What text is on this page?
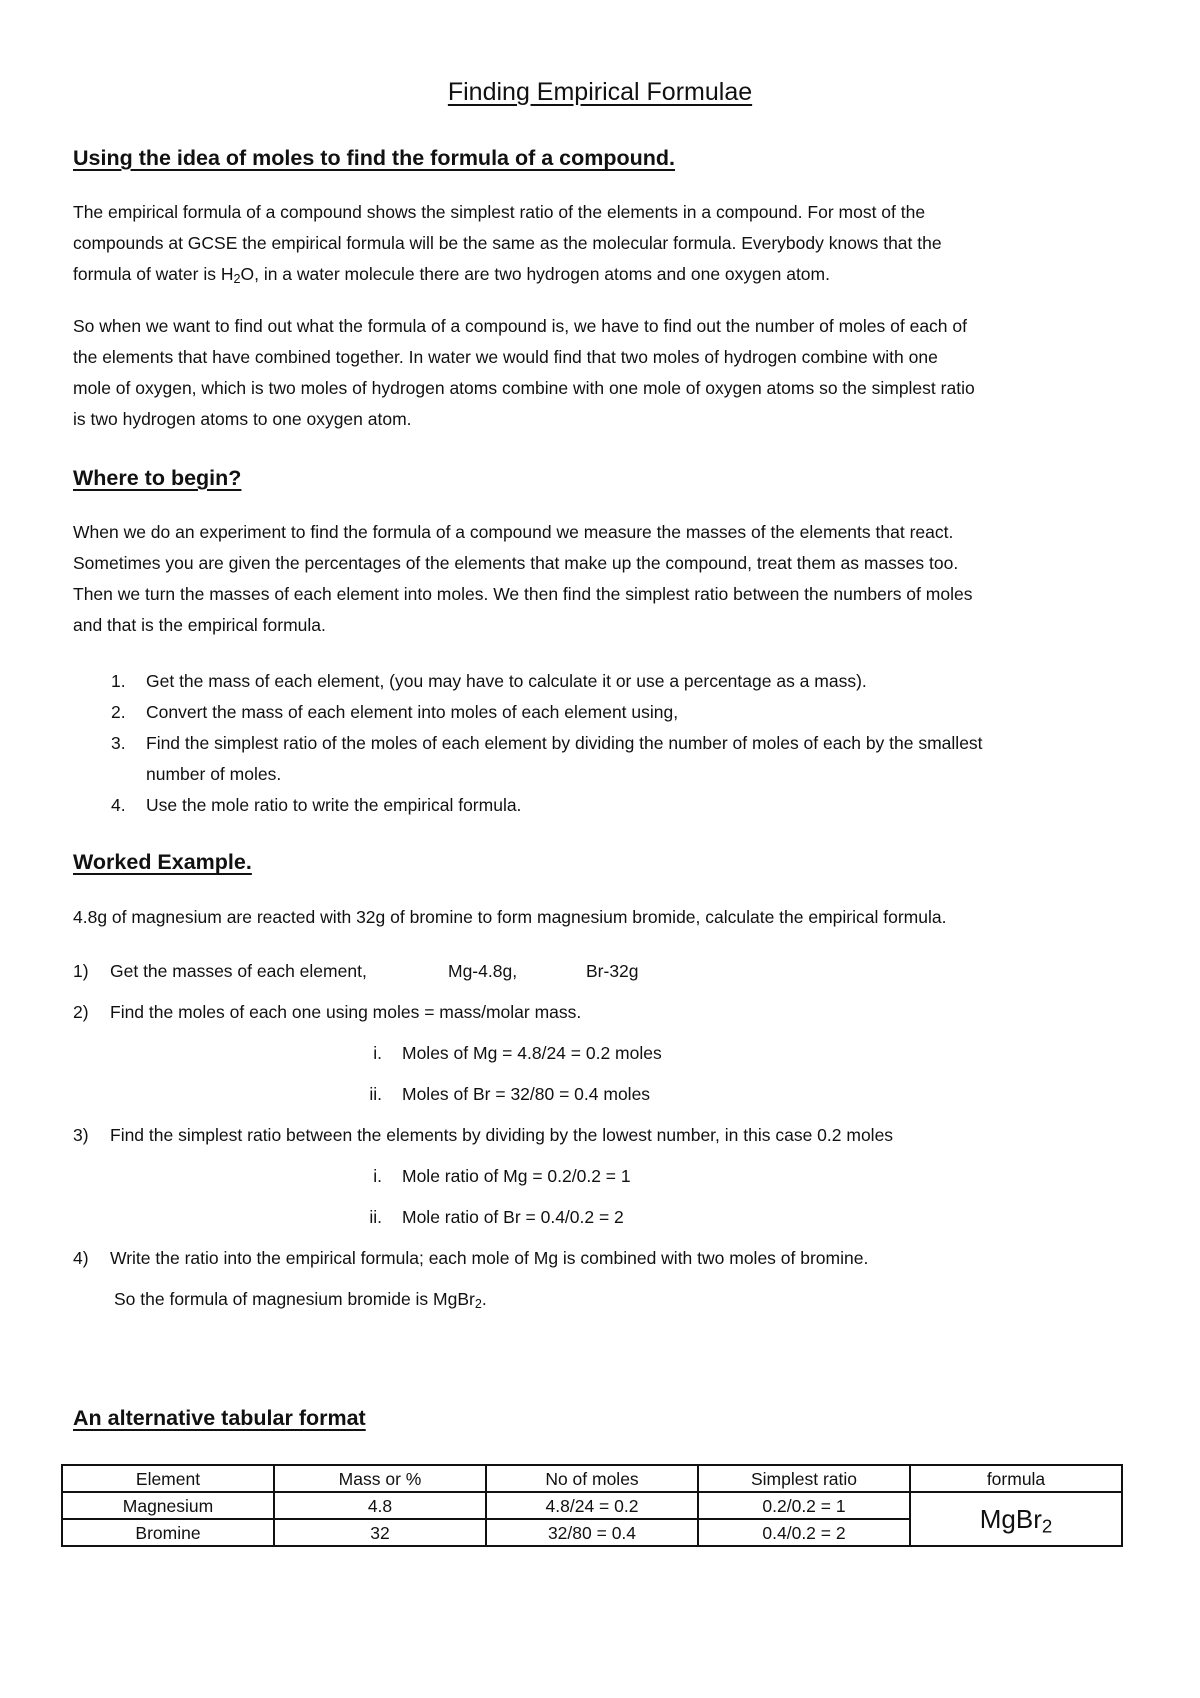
Finding Empirical Formulae
Using the idea of moles to find the formula of a compound.
The empirical formula of a compound shows the simplest ratio of the elements in a compound. For most of the
compounds at GCSE the empirical formula will be the same as the molecular formula. Everybody knows that the
formula of water is $H_2O$, in a water molecule there are two hydrogen atoms and one oxygen atom.
So when we want to find out what the formula of a compound is, we have to find out the number of moles of each of
the elements that have combined together. In water we would find that two moles of hydrogen combine with one
mole of oxygen, which is two moles of hydrogen atoms combine with one mole of oxygen atoms so the simplest ratio
is two hydrogen atoms to one oxygen atom.
Where to begin?
When we do an experiment to find the formula of a compound we measure the masses of the elements that react.
Sometimes you are given the percentages of the elements that make up the compound, treat them as masses too.
Then we turn the masses of each element into moles. We then find the simplest ratio between the numbers of moles
and that is the empirical formula.
1. Get the mass of each element, (you may have to calculate it or use a percentage as a mass).
2. Convert the mass of each element into moles of each element using,
3. Find the simplest ratio of the moles of each element by dividing the number of moles of each by the smallest
number of moles.
4. Use the mole ratio to write the empirical formula.
Worked Example.
4.8g of magnesium are reacted with 32g of bromine to form magnesium bromide, calculate the empirical formula.
1) Get the masses of each element,	Mg-4.8g,	Br-32g
2) Find the moles of each one using moles = mass/molar mass.
i. Moles of Mg = 4.8/24 = 0.2 moles
ii. Moles of Br = 32/80 = 0.4 moles
3) Find the simplest ratio between the elements by dividing by the lowest number, in this case 0.2 moles
i. Mole ratio of Mg = 0.2/0.2 = 1
ii. Mole ratio of Br = 0.4/0.2 = 2
4) Write the ratio into the empirical formula; each mole of Mg is combined with two moles of bromine.
So the formula of magnesium bromide is MgBr$_2$.
An alternative tabular format
Element	Mass or %	No of moles	Simplest ratio	formula
Magnesium	4.8	4.8/24 = 0.2	0.2/0.2 = 1	MgBr$_2$
Bromine	32	32/80 = 0.4	0.4/0.2 = 2	
